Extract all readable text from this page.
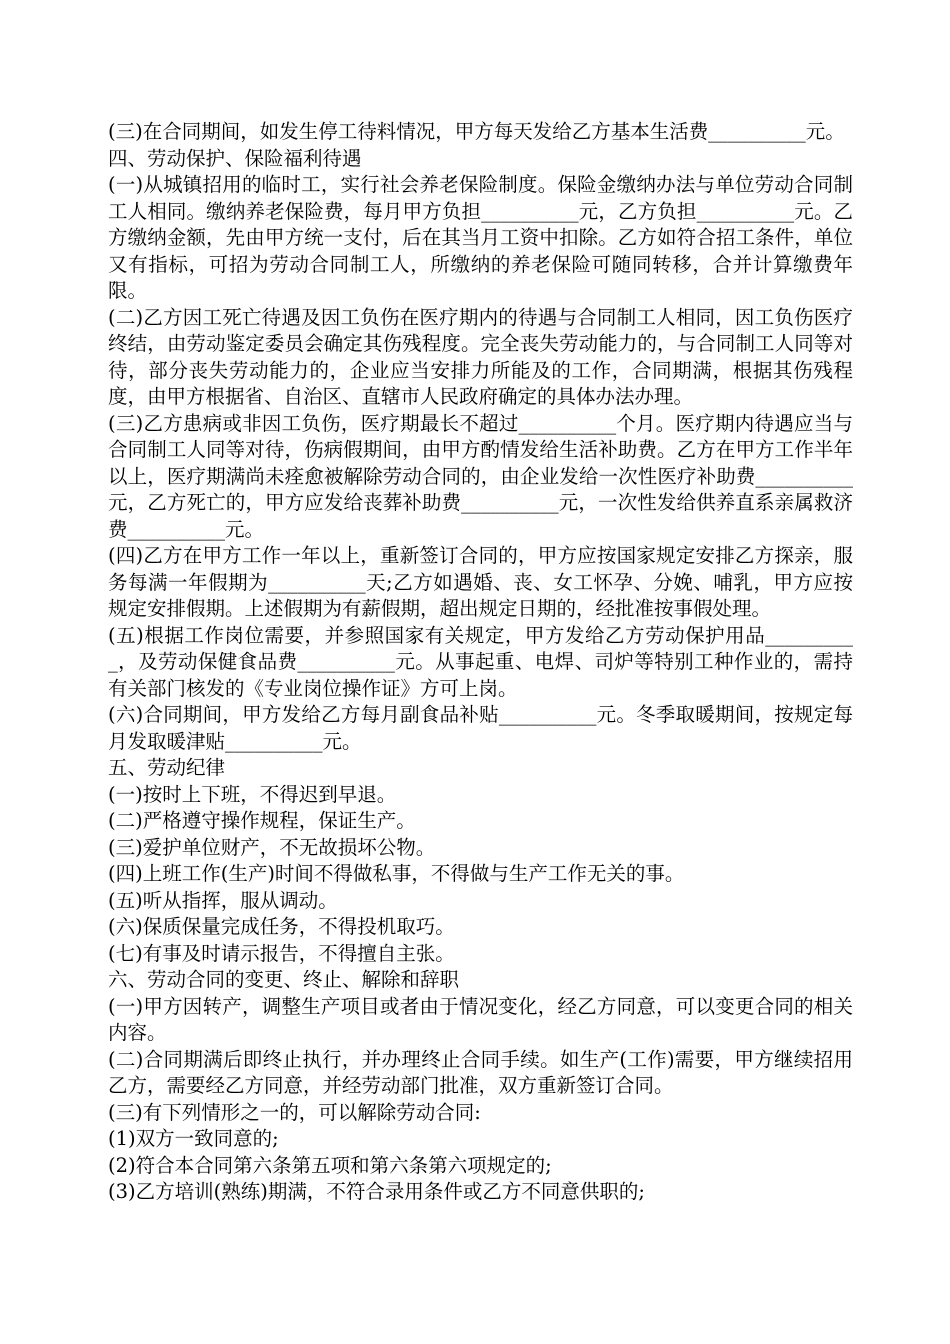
(三)在合同期间，如发生停工待料情况，甲方每天发给乙方基本生活费__________元。

四、劳动保护、保险福利待遇

(一)从城镇招用的临时工，实行社会养老保险制度。保险金缴纳办法与单位劳动合同制工人相同。缴纳养老保险费，每月甲方负担__________元，乙方负担__________元。乙方缴纳金额，先由甲方统一支付，后在其当月工资中扣除。乙方如符合招工条件，单位又有指标，可招为劳动合同制工人，所缴纳的养老保险可随同转移，合并计算缴费年限。

(二)乙方因工死亡待遇及因工负伤在医疗期内的待遇与合同制工人相同，因工负伤医疗终结，由劳动鉴定委员会确定其伤残程度。完全丧失劳动能力的，与合同制工人同等对待，部分丧失劳动能力的，企业应当安排力所能及的工作，合同期满，根据其伤残程度，由甲方根据省、自治区、直辖市人民政府确定的具体办法办理。

(三)乙方患病或非因工负伤，医疗期最长不超过__________个月。医疗期内待遇应当与合同制工人同等对待，伤病假期间，由甲方酌情发给生活补助费。乙方在甲方工作半年以上，医疗期满尚未痊愈被解除劳动合同的，由企业发给一次性医疗补助费__________元，乙方死亡的，甲方应发给丧葬补助费__________元，一次性发给供养直系亲属救济费__________元。

(四)乙方在甲方工作一年以上，重新签订合同的，甲方应按国家规定安排乙方探亲，服务每满一年假期为__________天;乙方如遇婚、丧、女工怀孕、分娩、哺乳，甲方应按规定安排假期。上述假期为有薪假期，超出规定日期的，经批准按事假处理。

(五)根据工作岗位需要，并参照国家有关规定，甲方发给乙方劳动保护用品__________，及劳动保健食品费__________元。从事起重、电焊、司炉等特别工种作业的，需持有关部门核发的《专业岗位操作证》方可上岗。

(六)合同期间，甲方发给乙方每月副食品补贴__________元。冬季取暖期间，按规定每月发取暖津贴__________元。

五、劳动纪律

(一)按时上下班，不得迟到早退。

(二)严格遵守操作规程，保证生产。

(三)爱护单位财产，不无故损坏公物。

(四)上班工作(生产)时间不得做私事，不得做与生产工作无关的事。

(五)听从指挥，服从调动。

(六)保质保量完成任务，不得投机取巧。

(七)有事及时请示报告，不得擅自主张。

六、劳动合同的变更、终止、解除和辞职

(一)甲方因转产，调整生产项目或者由于情况变化，经乙方同意，可以变更合同的相关内容。

(二)合同期满后即终止执行，并办理终止合同手续。如生产(工作)需要，甲方继续招用乙方，需要经乙方同意，并经劳动部门批准，双方重新签订合同。

(三)有下列情形之一的，可以解除劳动合同:

(1)双方一致同意的;

(2)符合本合同第六条第五项和第六条第六项规定的;

(3)乙方培训(熟练)期满，不符合录用条件或乙方不同意供职的;
